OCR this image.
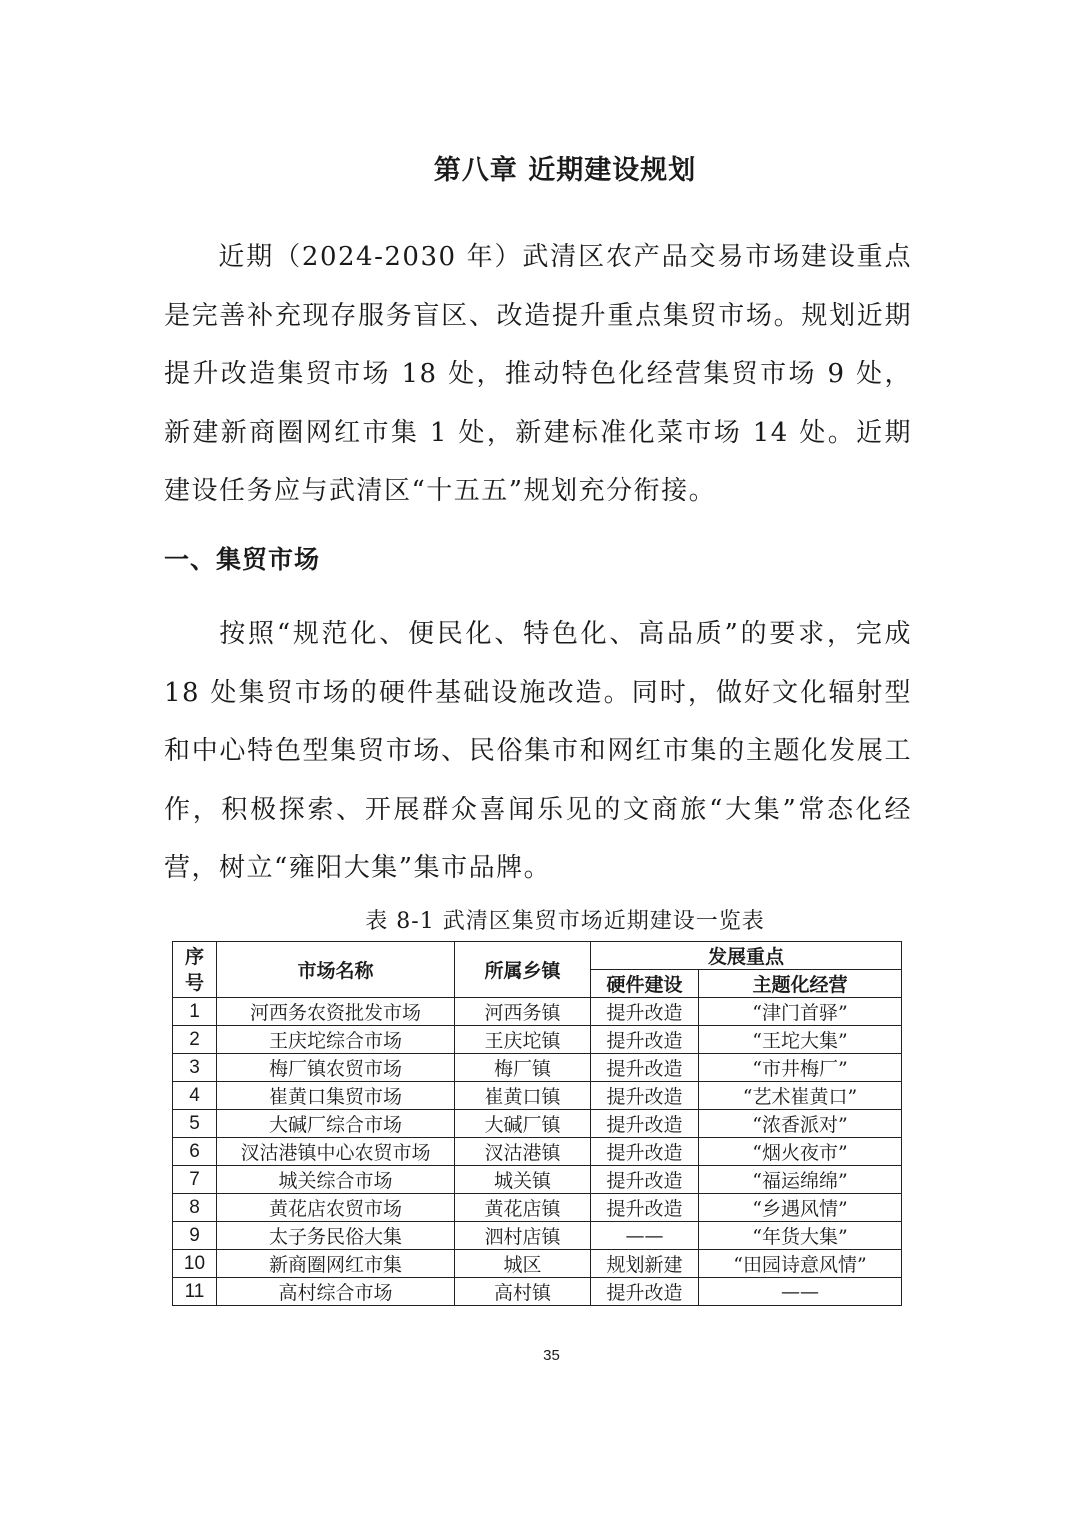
第八章 近期建设规划
近期（2024-2030 年）武清区农产品交易市场建设重点是完善补充现存服务盲区、改造提升重点集贸市场。规划近期提升改造集贸市场 18 处，推动特色化经营集贸市场 9 处，新建新商圈网红市集 1 处，新建标准化菜市场 14 处。近期建设任务应与武清区“十五五”规划充分衔接。
一、集贸市场
按照“规范化、便民化、特色化、高品质”的要求，完成 18 处集贸市场的硬件基础设施改造。同时，做好文化辐射型和中心特色型集贸市场、民俗集市和网红市集的主题化发展工作，积极探索、开展群众喜闻乐见的文商旅“大集”常态化经营，树立“雍阳大集”集市品牌。
表 8-1 武清区集贸市场近期建设一览表
序
号	市场名称	所属乡镇	发展重点	
			硬件建设	主题化经营
1	河西务农资批发市场	河西务镇	提升改造	“津门首驿”
2	王庆坨综合市场	王庆坨镇	提升改造	“王坨大集”
3	梅厂镇农贸市场	梅厂镇	提升改造	“市井梅厂”
4	崔黄口集贸市场	崔黄口镇	提升改造	“艺术崔黄口”
5	大碱厂综合市场	大碱厂镇	提升改造	“浓香派对”
6	汊沽港镇中心农贸市场	汊沽港镇	提升改造	“烟火夜市”
7	城关综合市场	城关镇	提升改造	“福运绵绵”
8	黄花店农贸市场	黄花店镇	提升改造	“乡遇风情”
9	太子务民俗大集	泗村店镇	——	“年货大集”
10	新商圈网红市集	城区	规划新建	“田园诗意风情”
11	高村综合市场	高村镇	提升改造	——
35
